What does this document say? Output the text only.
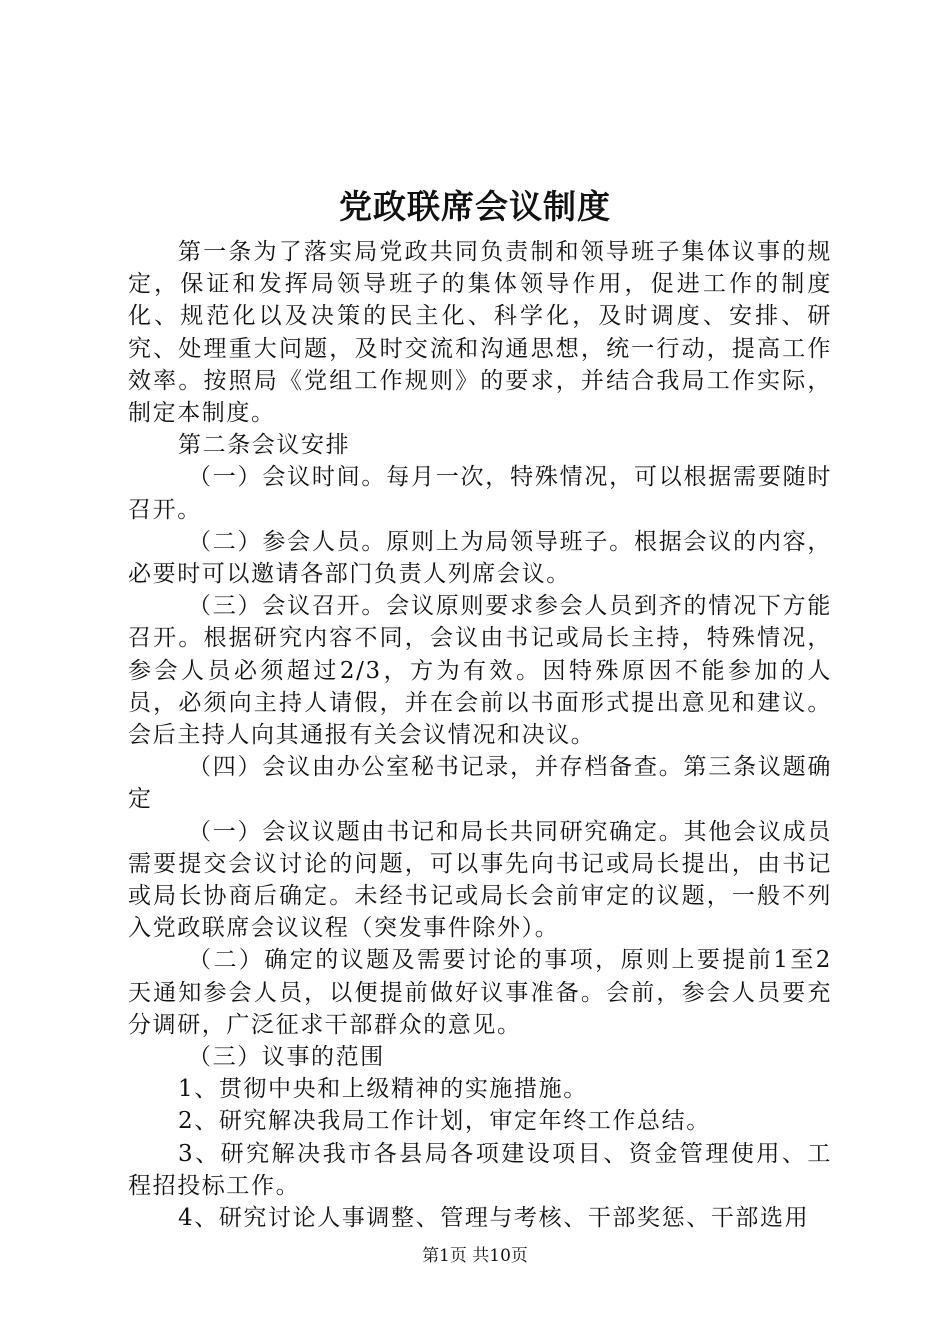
党政联席会议制度

第一条为了落实局党政共同负责制和领导班子集体议事的规定，保证和发挥局领导班子的集体领导作用，促进工作的制度化、规范化以及决策的民主化、科学化，及时调度、安排、研究、处理重大问题，及时交流和沟通思想，统一行动，提高工作效率。按照局《党组工作规则》的要求，并结合我局工作实际，制定本制度。

第二条会议安排

（一）会议时间。每月一次，特殊情况，可以根据需要随时召开。

（二）参会人员。原则上为局领导班子。根据会议的内容，必要时可以邀请各部门负责人列席会议。

（三）会议召开。会议原则要求参会人员到齐的情况下方能召开。根据研究内容不同，会议由书记或局长主持，特殊情况，参会人员必须超过2/3，方为有效。因特殊原因不能参加的人员，必须向主持人请假，并在会前以书面形式提出意见和建议。会后主持人向其通报有关会议情况和决议。

（四）会议由办公室秘书记录，并存档备查。第三条议题确定

（一）会议议题由书记和局长共同研究确定。其他会议成员需要提交会议讨论的问题，可以事先向书记或局长提出，由书记或局长协商后确定。未经书记或局长会前审定的议题，一般不列入党政联席会议议程（突发事件除外）。

（二）确定的议题及需要讨论的事项，原则上要提前1至2天通知参会人员，以便提前做好议事准备。会前，参会人员要充分调研，广泛征求干部群众的意见。

（三）议事的范围

1、贯彻中央和上级精神的实施措施。

2、研究解决我局工作计划，审定年终工作总结。

3、研究解决我市各县局各项建设项目、资金管理使用、工程招投标工作。

4、研究讨论人事调整、管理与考核、干部奖惩、干部选用

第1页 共10页
